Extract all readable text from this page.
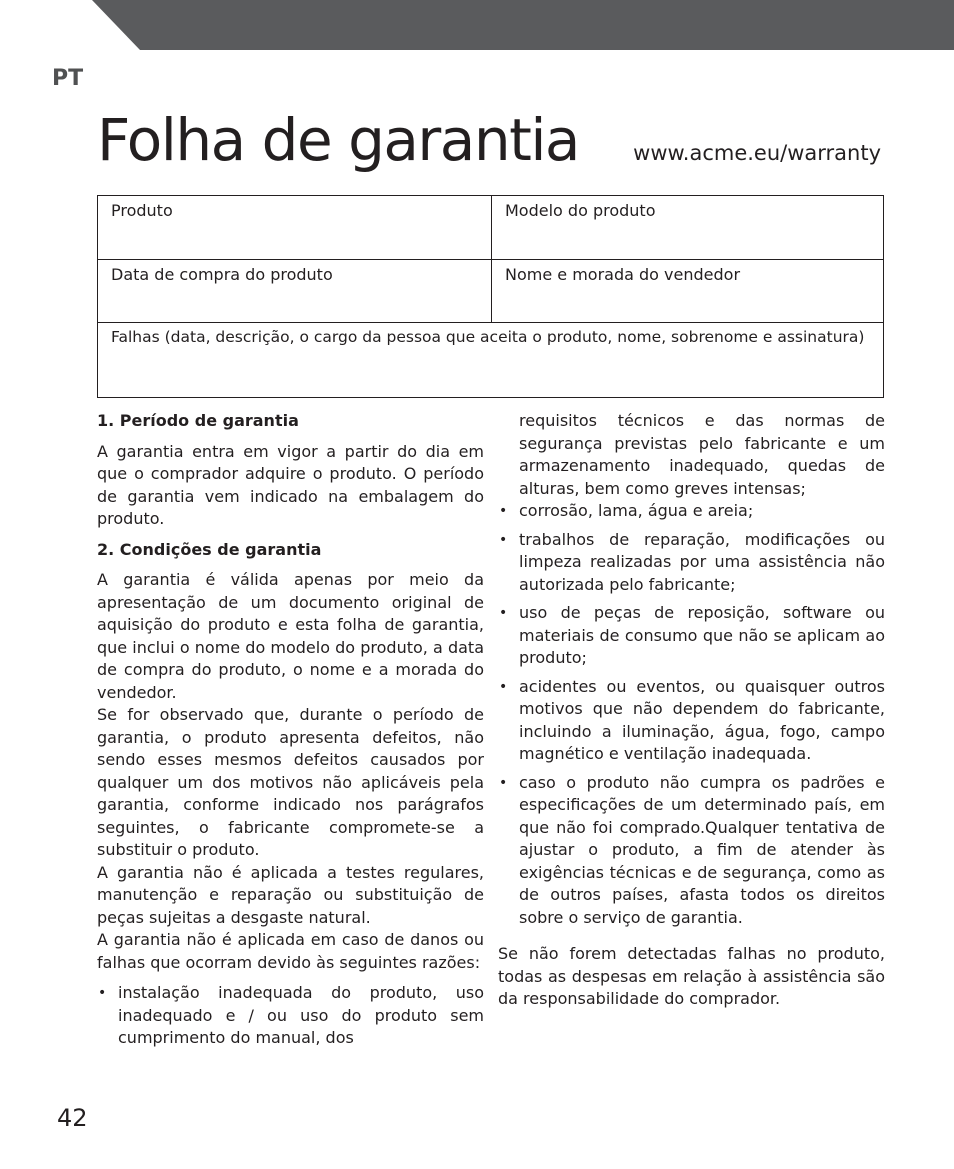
PT
Folha de garantia	www.acme.eu/warranty
Produto	Modelo do produto
Data de compra do produto	Nome e morada do vendedor
Falhas (data, descrição, o cargo da pessoa que aceita o produto, nome, sobrenome e assinatura)
1. Período de garantia

A garantia entra em vigor a partir do dia em que o comprador adquire o produto. O período de garantia vem indicado na embalagem do produto.

2. Condições de garantia

A garantia é válida apenas por meio da apresentação de um documento original de aquisição do produto e esta folha de garantia, que inclui o nome do modelo do produto, a data de compra do produto, o nome e a morada do vendedor.

Se for observado que, durante o período de garantia, o produto apresenta defeitos, não sendo esses mesmos defeitos causados por qualquer um dos motivos não aplicáveis pela garantia, conforme indicado nos parágrafos seguintes, o fabricante compromete-se a substituir o produto.

A garantia não é aplicada a testes regulares, manutenção e reparação ou substituição de peças sujeitas a desgaste natural.

A garantia não é aplicada em caso de danos ou falhas que ocorram devido às seguintes razões:

• instalação inadequada do produto, uso inadequado e / ou uso do produto sem cumprimento do manual, dos

requisitos técnicos e das normas de segurança previstas pelo fabricante e um armazenamento inadequado, quedas de alturas, bem como greves intensas;

• corrosão, lama, água e areia;
• trabalhos de reparação, modificações ou limpeza realizadas por uma assistência não autorizada pelo fabricante;
• uso de peças de reposição, software ou materiais de consumo que não se aplicam ao produto;
• acidentes ou eventos, ou quaisquer outros motivos que não dependem do fabricante, incluindo a iluminação, água, fogo, campo magnético e ventilação inadequada.
• caso o produto não cumpra os padrões e especificações de um determinado país, em que não foi comprado.Qualquer tentativa de ajustar o produto, a fim de atender às exigências técnicas e de segurança, como as de outros países, afasta todos os direitos sobre o serviço de garantia.

Se não forem detectadas falhas no produto, todas as despesas em relação à assistência são da responsabilidade do comprador.

42
